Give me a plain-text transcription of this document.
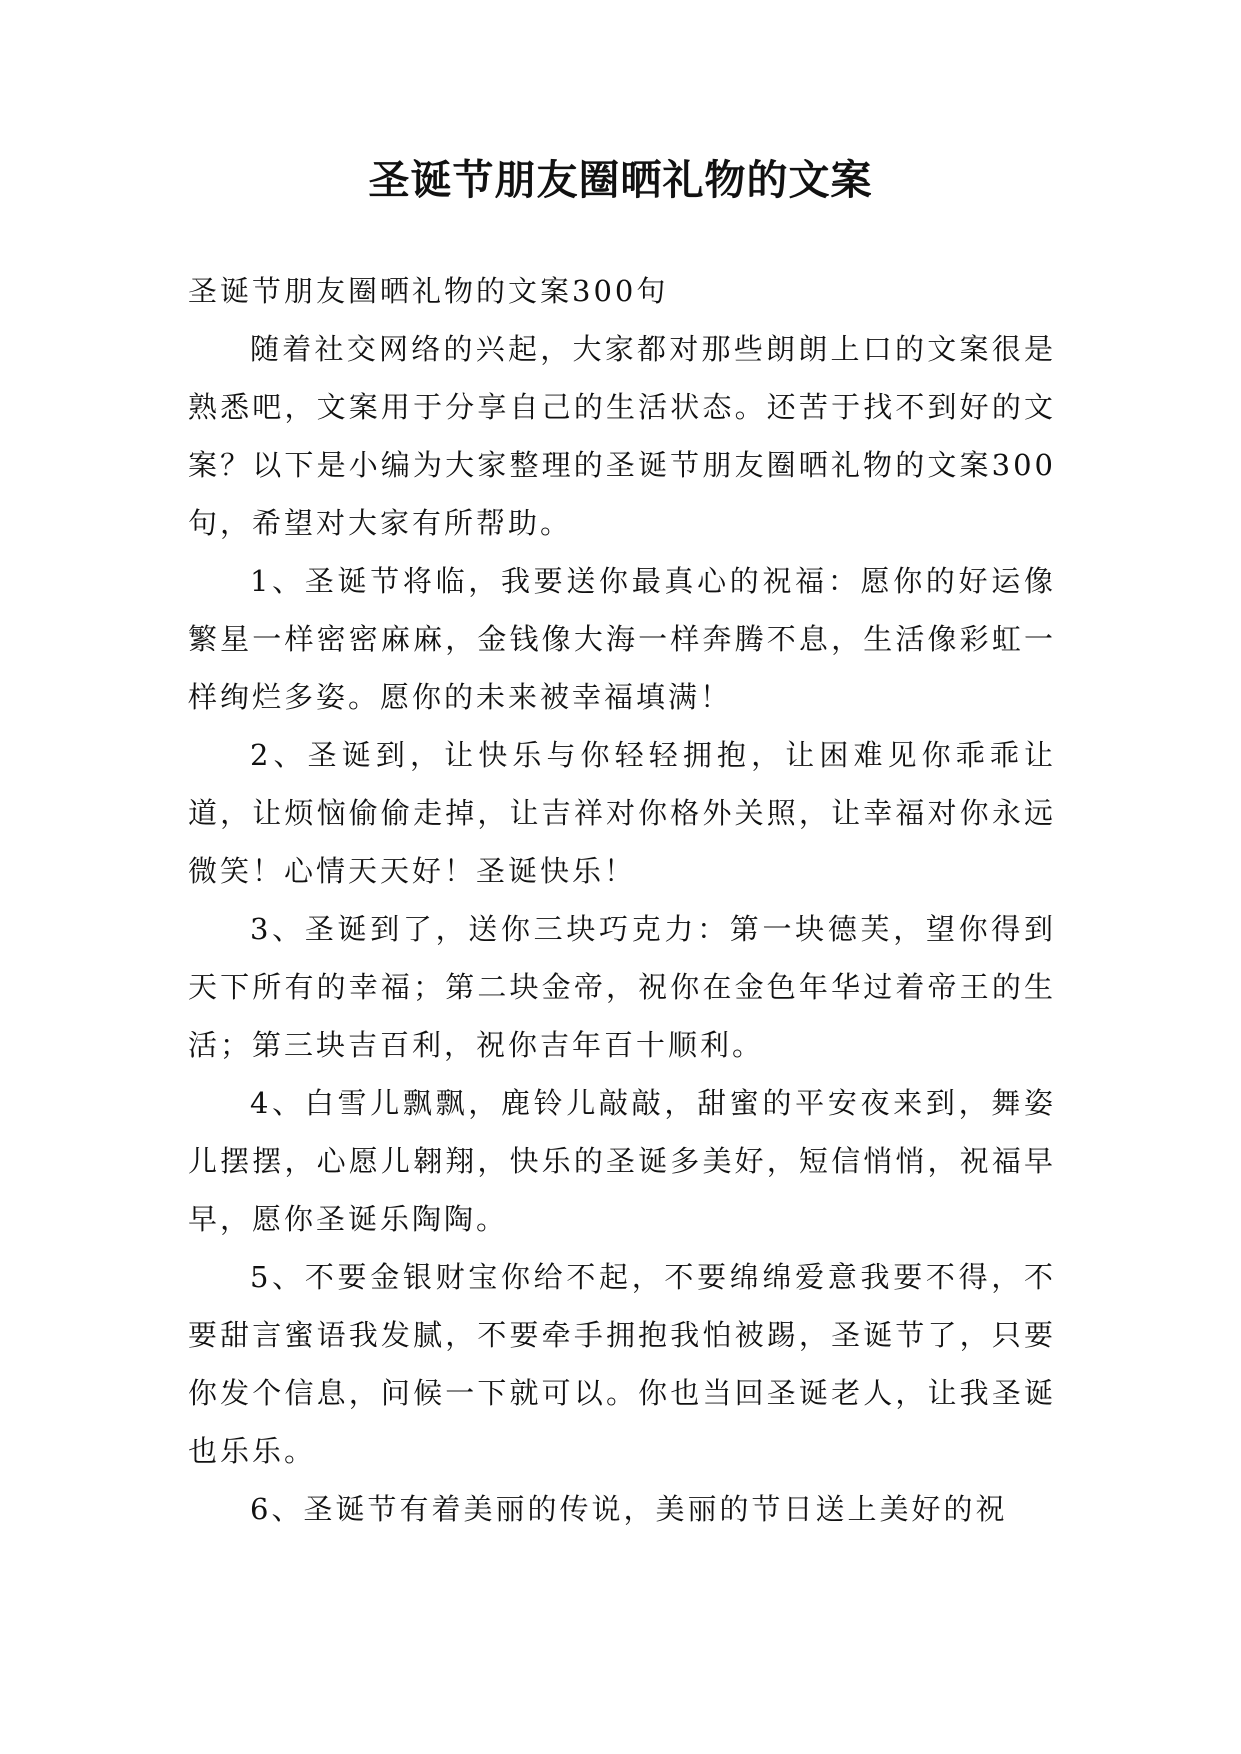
圣诞节朋友圈晒礼物的文案

圣诞节朋友圈晒礼物的文案300句

随着社交网络的兴起，大家都对那些朗朗上口的文案很是熟悉吧，文案用于分享自己的生活状态。还苦于找不到好的文案？以下是小编为大家整理的圣诞节朋友圈晒礼物的文案300句，希望对大家有所帮助。

1、圣诞节将临，我要送你最真心的祝福：愿你的好运像繁星一样密密麻麻，金钱像大海一样奔腾不息，生活像彩虹一样绚烂多姿。愿你的未来被幸福填满！

2、圣诞到，让快乐与你轻轻拥抱，让困难见你乖乖让道，让烦恼偷偷走掉，让吉祥对你格外关照，让幸福对你永远微笑！心情天天好！圣诞快乐！

3、圣诞到了，送你三块巧克力：第一块德芙，望你得到天下所有的幸福；第二块金帝，祝你在金色年华过着帝王的生活；第三块吉百利，祝你吉年百十顺利。

4、白雪儿飘飘，鹿铃儿敲敲，甜蜜的平安夜来到，舞姿儿摆摆，心愿儿翱翔，快乐的圣诞多美好，短信悄悄，祝福早早，愿你圣诞乐陶陶。

5、不要金银财宝你给不起，不要绵绵爱意我要不得，不要甜言蜜语我发腻，不要牵手拥抱我怕被踢，圣诞节了，只要你发个信息，问候一下就可以。你也当回圣诞老人，让我圣诞也乐乐。

6、圣诞节有着美丽的传说，美丽的节日送上美好的祝
